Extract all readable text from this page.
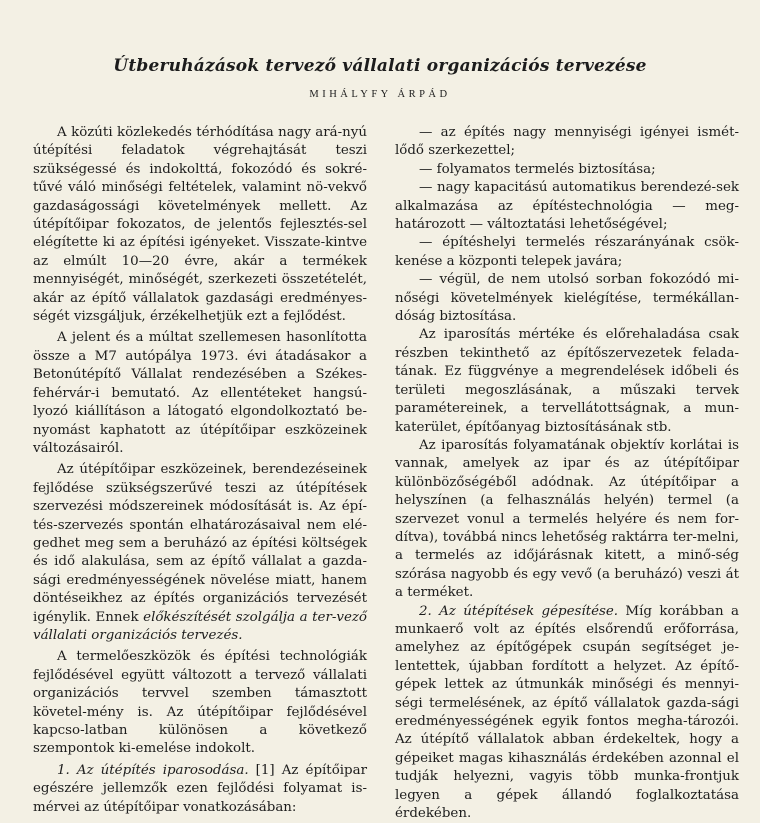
Útberuházások tervező vállalati organizációs tervezése
MIHÁLYFY ÁRPÁD

A közúti közlekedés térhódítása nagy ará-nyú útépítési feladatok végrehajtását teszi szükségessé és indokolttá, fokozódó és sokré-tűvé váló minőségi feltételek, valamint nö-vekvő gazdaságossági követelmények mellett. Az útépítőipar fokozatos, de jelentős fejlesztés-sel elégítette ki az építési igényeket. Visszate-kintve az elmúlt 10—20 évre, akár a termékek mennyiségét, minőségét, szerkezeti összetételét, akár az építő vállalatok gazdasági eredményes-ségét vizsgáljuk, érzékelhetjük ezt a fejlődést.

A jelent és a múltat szellemesen hasonlította össze a M7 autópálya 1973. évi átadásakor a Betonútépítő Vállalat rendezésében a Székes-fehérvár-i bemutató. Az ellentéteket hangsú-lyozó kiállításon a látogató elgondolkoztató be-nyomást kaphatott az útépítőipar eszközeinek változásairól.

Az útépítőipar eszközeinek, berendezéseinek fejlődése szükségszerűvé teszi az útépítések szervezési módszereinek módosítását is. Az épí-tés-szervezés spontán elhatározásaival nem elé-gedhet meg sem a beruházó az építési költségek és idő alakulása, sem az építő vállalat a gazda-sági eredményességének növelése miatt, hanem döntéseikhez az építés organizációs tervezését igénylik. Ennek előkészítését szolgálja a ter-vező vállalati organizációs tervezés.

A termelőeszközök és építési technológiák fejlődésével együtt változott a tervező vállalati organizációs tervvel szemben támasztott követel-mény is. Az útépítőipar fejlődésével kapcso-latban különösen a következő szempontok ki-emelése indokolt.

1. Az útépítés iparosodása. [1] Az építőipar egészére jellemzők ezen fejlődési folyamat is-mérvei az útépítőipar vonatkozásában:

— az építés nagy mennyiségi igényei ismét-lődő szerkezettel;

— folyamatos termelés biztosítása;

— nagy kapacitású automatikus berendezé-sek alkalmazása az építéstechnológia — meg-határozott — változtatási lehetőségével;

— építéshelyi termelés részarányának csök-kenése a központi telepek javára;

— végül, de nem utolsó sorban fokozódó mi-nőségi követelmények kielégítése, termékállan-dóság biztosítása.

Az iparosítás mértéke és előrehaladása csak részben tekinthető az építőszervezetek felada-tának. Ez függvénye a megrendelések időbeli és területi megoszlásának, a műszaki tervek paramétereinek, a tervellátottságnak, a mun-katerület, építőanyag biztosításának stb.

Az iparosítás folyamatának objektív korlátai is vannak, amelyek az ipar és az útépítőipar különbözőségéből adódnak. Az útépítőipar a helyszínen (a felhasználás helyén) termel (a szervezet vonul a termelés helyére és nem for-dítva), továbbá nincs lehetőség raktárra ter-melni, a termelés az időjárásnak kitett, a minő-ség szórása nagyobb és egy vevő (a beruházó) veszi át a terméket.

2. Az útépítések gépesítése. Míg korábban a munkaerő volt az építés elsőrendű erőforrása, amelyhez az építőgépek csupán segítséget je-lentettek, újabban fordított a helyzet. Az építő-gépek lettek az útmunkák minőségi és mennyi-ségi termelésének, az építő vállalatok gazda-sági eredményességének egyik fontos megha-tározói. Az útépítő vállalatok abban érdekeltek, hogy a gépeiket magas kihasználás érdekében azonnal el tudják helyezni, vagyis több munka-frontjuk legyen a gépek állandó foglalkoztatása érdekében.
